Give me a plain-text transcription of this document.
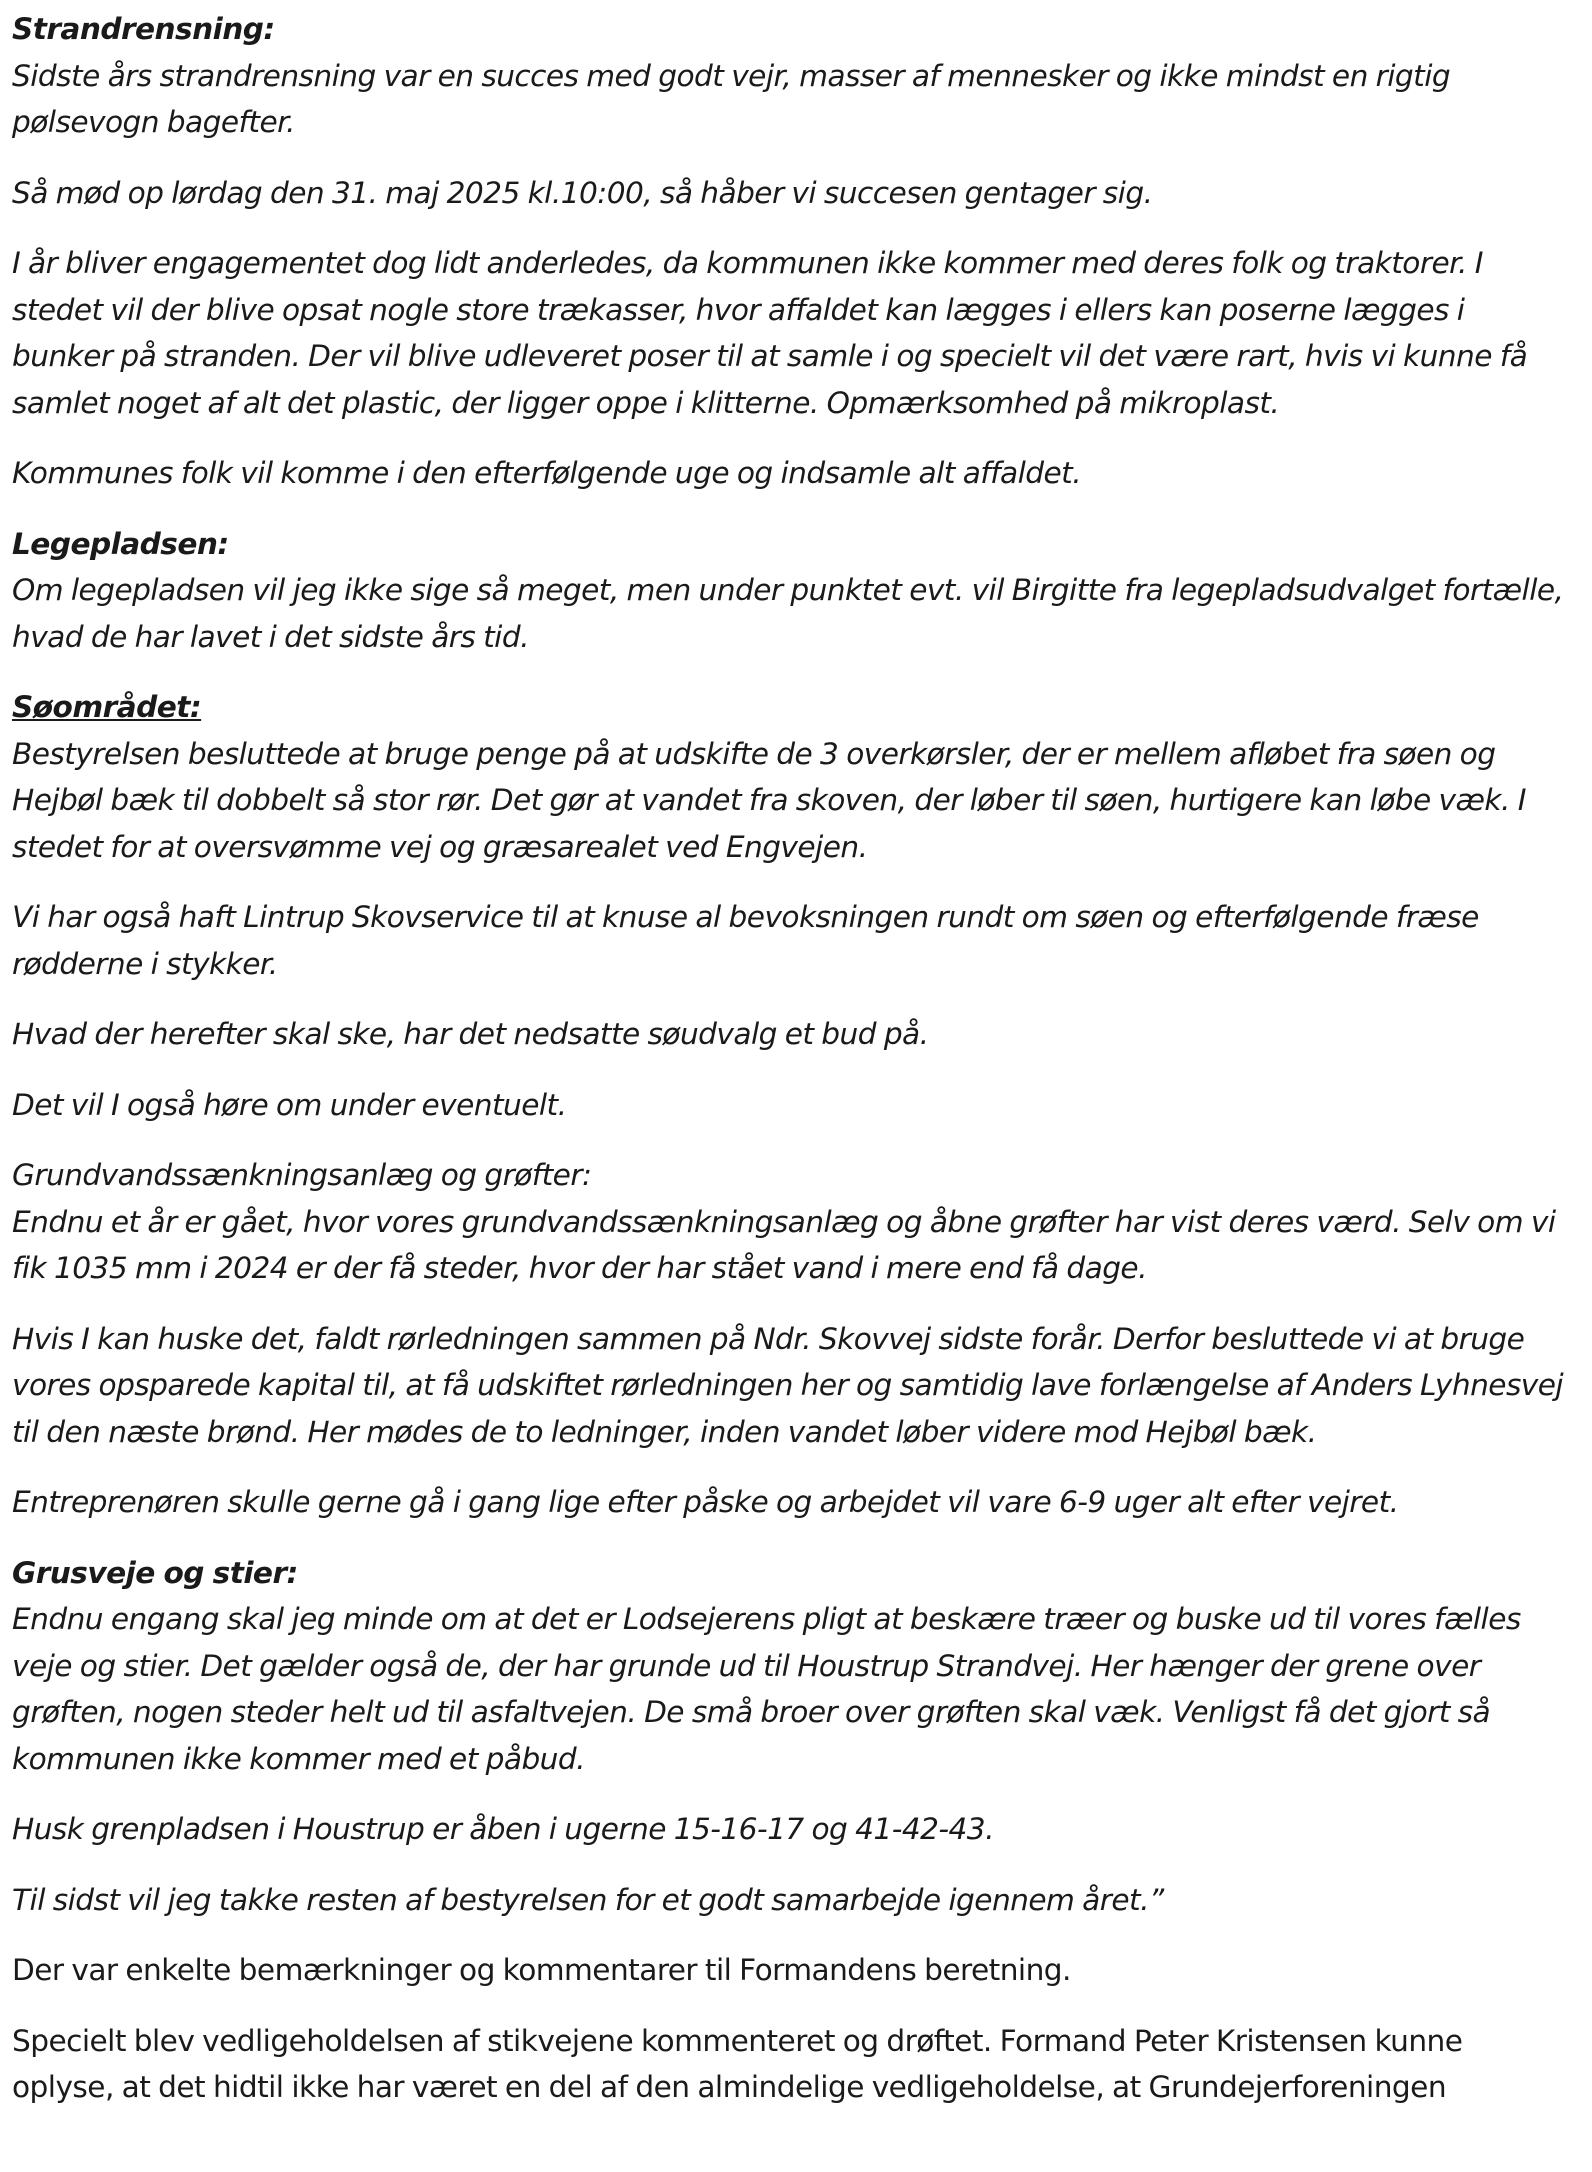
Strandrensning:

Sidste års strandrensning var en succes med godt vejr, masser af mennesker og ikke mindst en rigtig pølsevogn bagefter.

Så mød op lørdag den 31. maj 2025 kl.10:00, så håber vi succesen gentager sig.

I år bliver engagementet dog lidt anderledes, da kommunen ikke kommer med deres folk og traktorer. I stedet vil der blive opsat nogle store trækasser, hvor affaldet kan lægges i ellers kan poserne lægges i bunker på stranden. Der vil blive udleveret poser til at samle i og specielt vil det være rart, hvis vi kunne få samlet noget af alt det plastic, der ligger oppe i klitterne. Opmærksomhed på mikroplast.

Kommunes folk vil komme i den efterfølgende uge og indsamle alt affaldet.

Legepladsen:

Om legepladsen vil jeg ikke sige så meget, men under punktet evt. vil Birgitte fra legepladsudvalget fortælle, hvad de har lavet i det sidste års tid.

Søområdet:

Bestyrelsen besluttede at bruge penge på at udskifte de 3 overkørsler, der er mellem afløbet fra søen og Hejbøl bæk til dobbelt så stor rør. Det gør at vandet fra skoven, der løber til søen, hurtigere kan løbe væk. I stedet for at oversvømme vej og græsarealet ved Engvejen.

Vi har også haft Lintrup Skovservice til at knuse al bevoksningen rundt om søen og efterfølgende fræse rødderne i stykker.

Hvad der herefter skal ske, har det nedsatte søudvalg et bud på.

Det vil I også høre om under eventuelt.

Grundvandssænkningsanlæg og grøfter:

Endnu et år er gået, hvor vores grundvandssænkningsanlæg og åbne grøfter har vist deres værd. Selv om vi fik 1035 mm i 2024 er der få steder, hvor der har stået vand i mere end få dage.

Hvis I kan huske det, faldt rørledningen sammen på Ndr. Skovvej sidste forår. Derfor besluttede vi at bruge vores opsparede kapital til, at få udskiftet rørledningen her og samtidig lave forlængelse af Anders Lyhnesvej til den næste brønd. Her mødes de to ledninger, inden vandet løber videre mod Hejbøl bæk.

Entreprenøren skulle gerne gå i gang lige efter påske og arbejdet vil vare 6-9 uger alt efter vejret.

Grusveje og stier:

Endnu engang skal jeg minde om at det er Lodsejerens pligt at beskære træer og buske ud til vores fælles veje og stier. Det gælder også de, der har grunde ud til Houstrup Strandvej. Her hænger der grene over grøften, nogen steder helt ud til asfaltvejen. De små broer over grøften skal væk. Venligst få det gjort så kommunen ikke kommer med et påbud.

Husk grenpladsen i Houstrup er åben i ugerne 15-16-17 og 41-42-43.

Til sidst vil jeg takke resten af bestyrelsen for et godt samarbejde igennem året.”

Der var enkelte bemærkninger og kommentarer til Formandens beretning.

Specielt blev vedligeholdelsen af stikvejene kommenteret og drøftet. Formand Peter Kristensen kunne oplyse, at det hidtil ikke har været en del af den almindelige vedligeholdelse, at Grundejerforeningen
